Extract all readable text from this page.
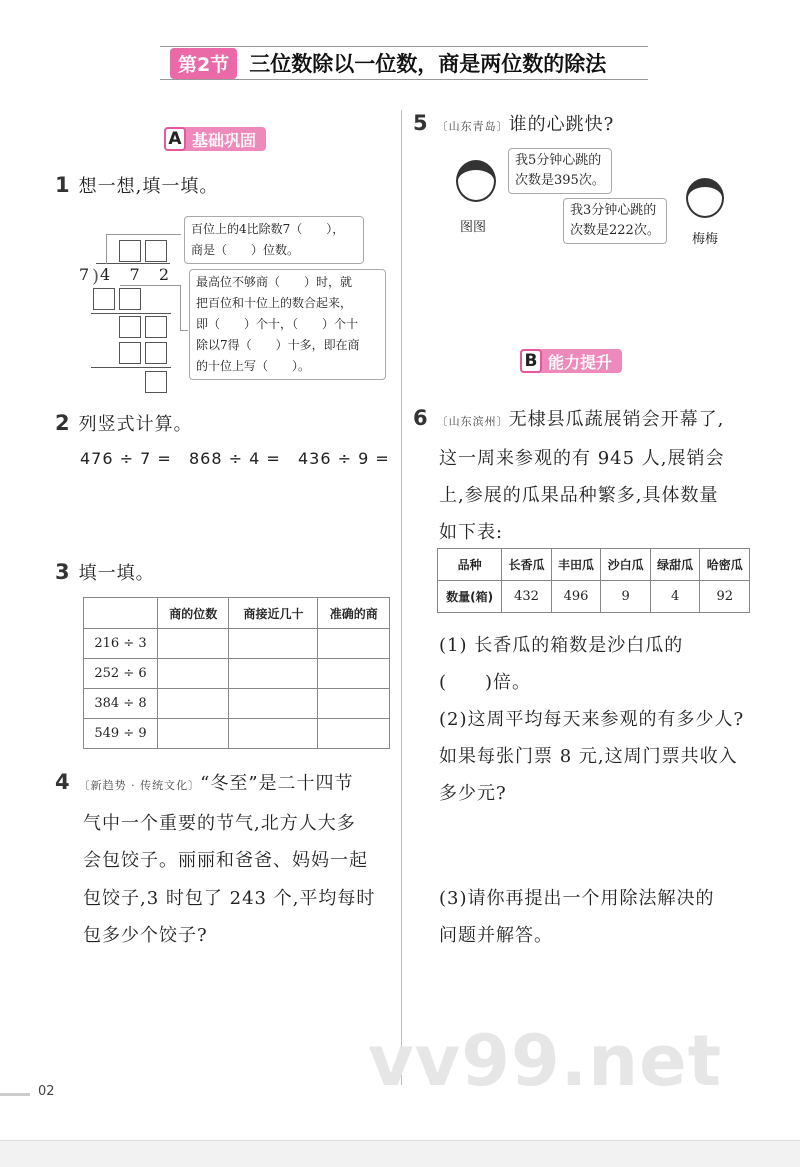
第2节 三位数除以一位数，商是两位数的除法
A 基础巩固
1 想一想,填一填。
7 ) 4 7 2
百位上的4比除数7（　　），
商是（　　）位数。
最高位不够商（　　）时，就
把百位和十位上的数合起来，
即（　　）个十，（　　）个十
除以7得（　　）十多，即在商
的十位上写（　　）。
2 列竖式计算。
476 ÷ 7 = 868 ÷ 4 = 436 ÷ 9 =
3 填一填。
	商的位数	商接近几十	准确的商
216 ÷ 3			
252 ÷ 6			
384 ÷ 8			
549 ÷ 9			
4 〔新趋势 · 传统文化〕“冬至”是二十四节
气中一个重要的节气,北方人大多
会包饺子。丽丽和爸爸、妈妈一起
包饺子,3 时包了 243 个,平均每时
包多少个饺子?
5 〔山东青岛〕谁的心跳快?
图图
我5分钟心跳的
次数是395次。
梅梅
我3分钟心跳的
次数是222次。
B 能力提升
6 〔山东滨州〕无棣县瓜蔬展销会开幕了,
这一周来参观的有 945 人,展销会
上,参展的瓜果品种繁多,具体数量
如下表:
品种	长香瓜	丰田瓜	沙白瓜	绿甜瓜	哈密瓜
数量(箱)	432	496	9	4	92
(1) 长香瓜的箱数是沙白瓜的
(　　)倍。
(2)这周平均每天来参观的有多少人?
如果每张门票 8 元,这周门票共收入
多少元?
(3)请你再提出一个用除法解决的
问题并解答。
02	vv99.net
